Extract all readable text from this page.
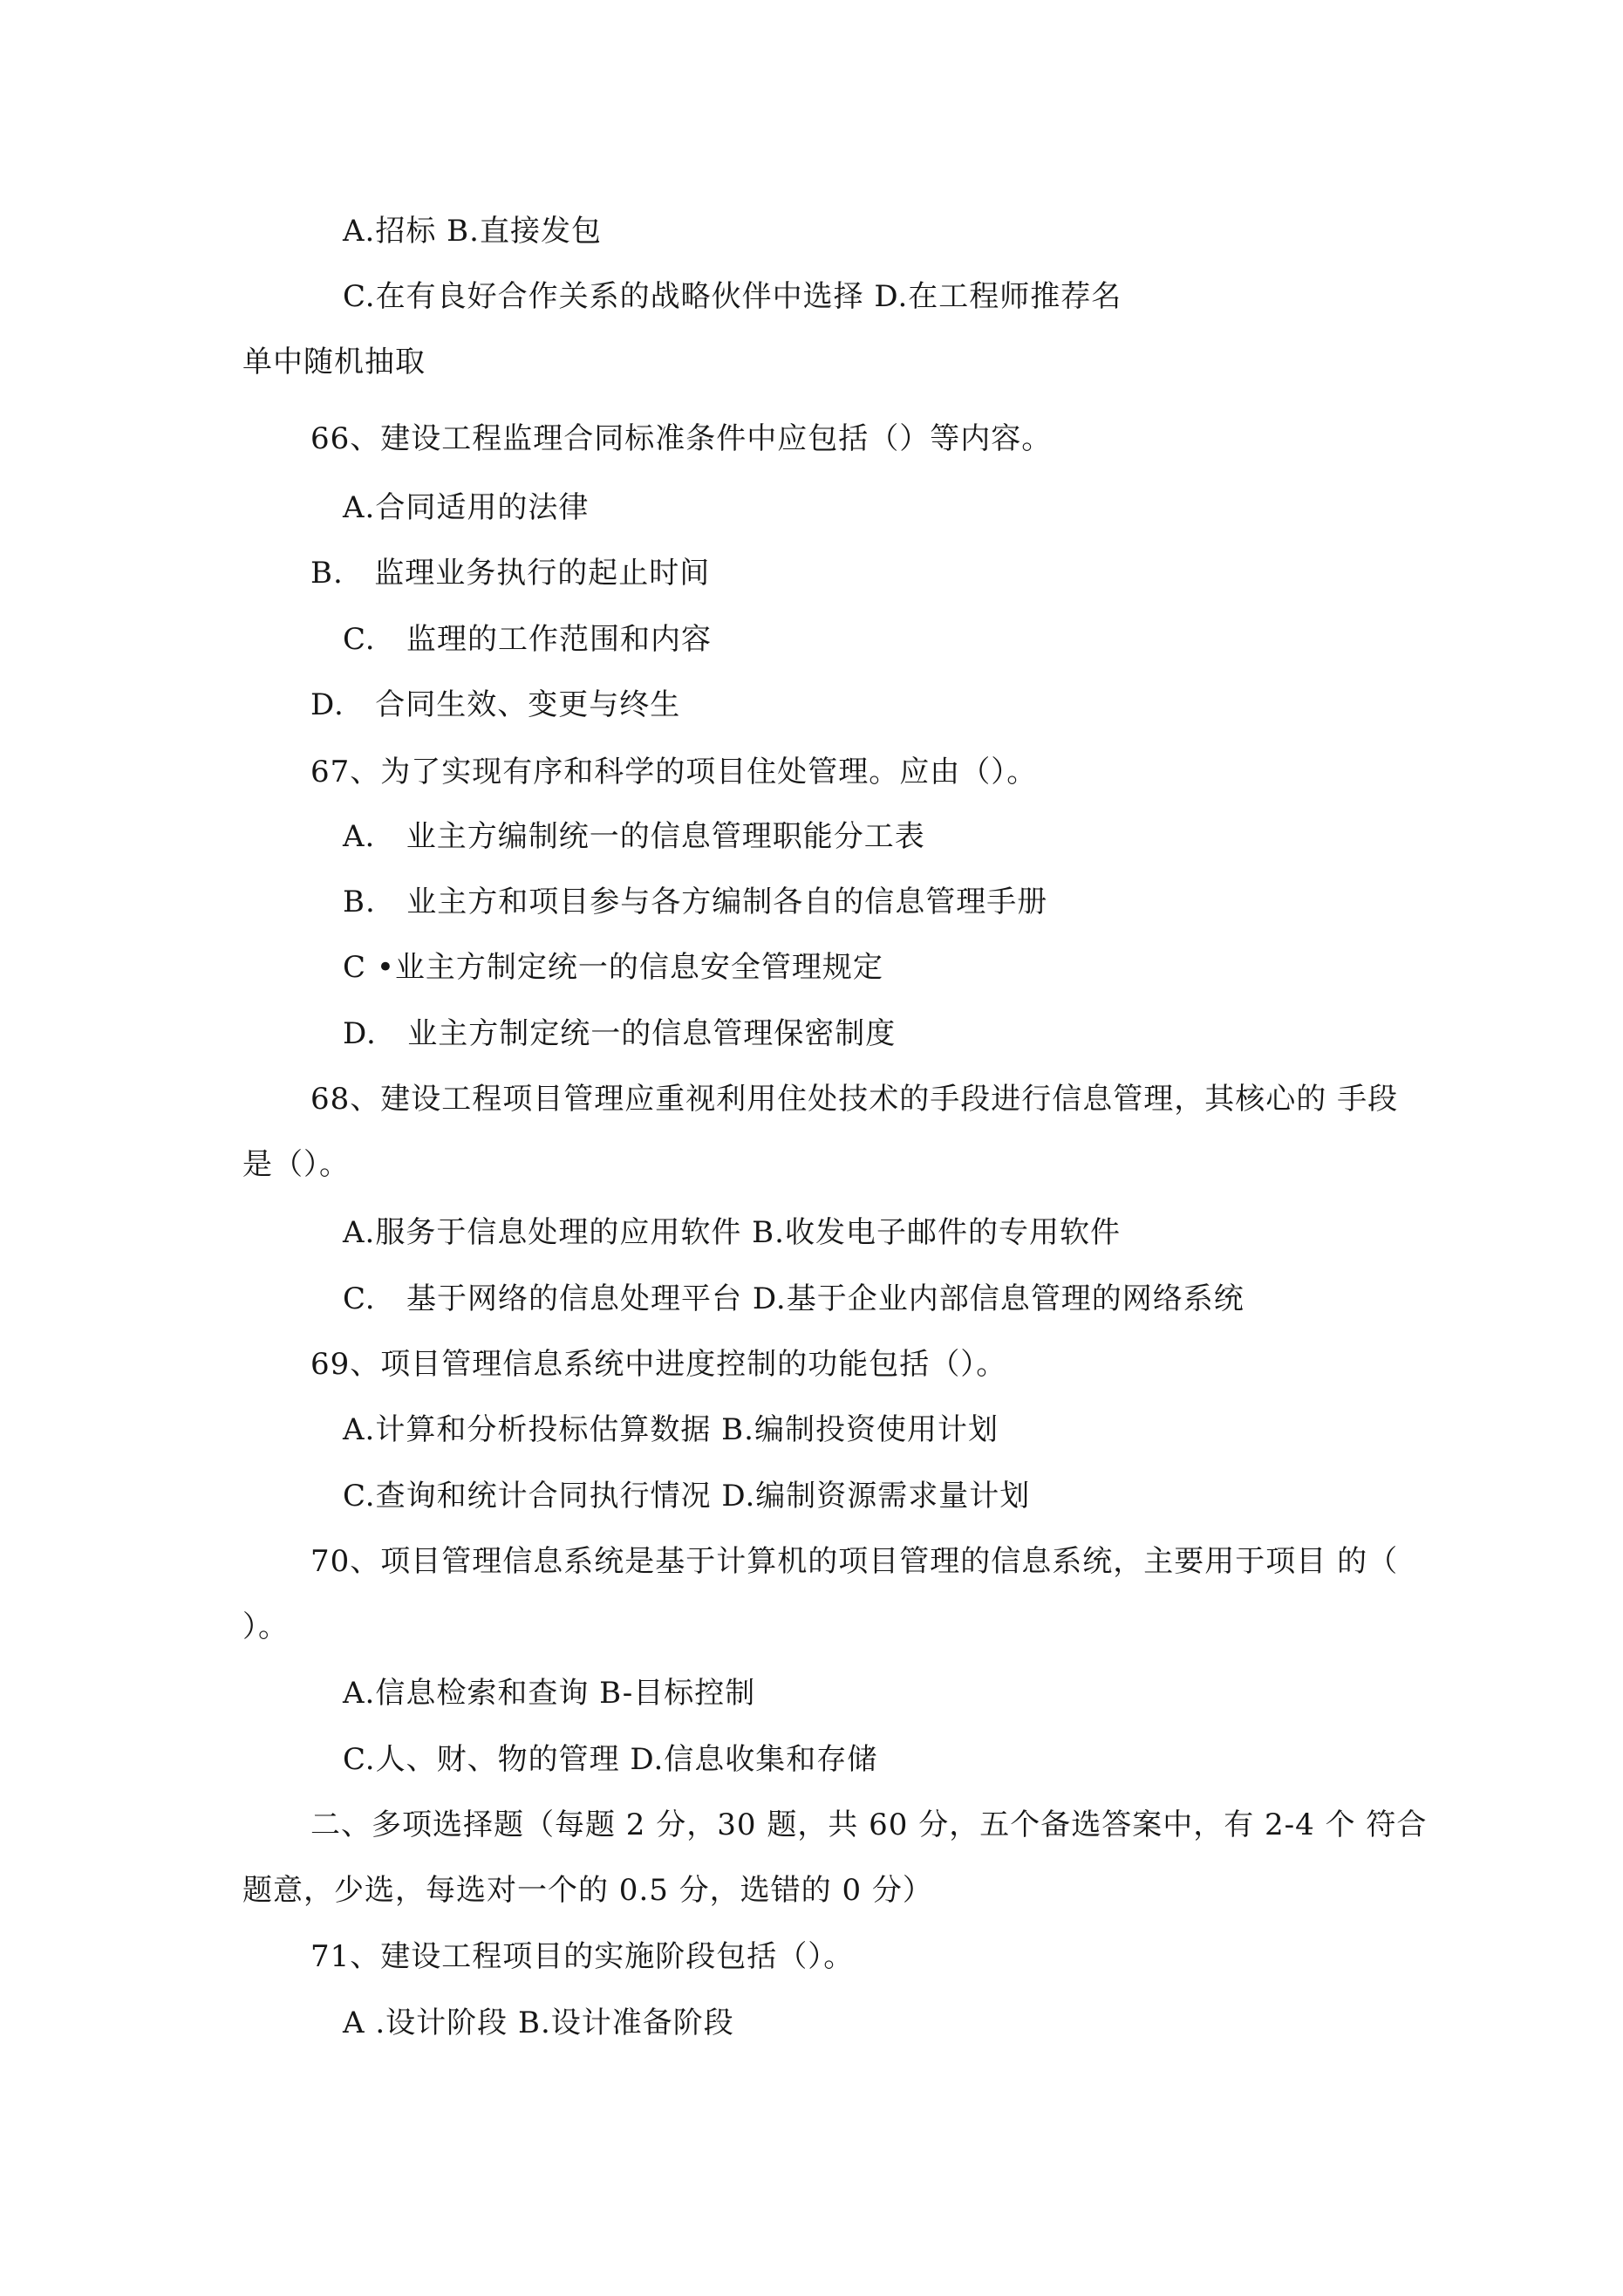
A.招标 B.直接发包
C.在有良好合作关系的战略伙伴中选择 D.在工程师推荐名
单中随机抽取
66、建设工程监理合同标准条件中应包括（）等内容。
A.合同适用的法律
B.   监理业务执行的起止时间
C.   监理的工作范围和内容
D.   合同生效、变更与终生
67、为了实现有序和科学的项目住处管理。应由（）。
A.   业主方编制统一的信息管理职能分工表
B.   业主方和项目参与各方编制各自的信息管理手册
C •业主方制定统一的信息安全管理规定
D.   业主方制定统一的信息管理保密制度
68、建设工程项目管理应重视利用住处技术的手段进行信息管理，其核心的 手段
是（）。
A.服务于信息处理的应用软件 B.收发电子邮件的专用软件
C.   基于网络的信息处理平台 D.基于企业内部信息管理的网络系统
69、项目管理信息系统中进度控制的功能包括（）。
A.计算和分析投标估算数据 B.编制投资使用计划
C.查询和统计合同执行情况 D.编制资源需求量计划
70、项目管理信息系统是基于计算机的项目管理的信息系统，主要用于项目 的（
）。
A.信息检索和查询 B-目标控制
C.人、财、物的管理 D.信息收集和存储
二、多项选择题（每题 2 分，30 题，共 60 分，五个备选答案中，有 2-4 个 符合
题意，少选，每选对一个的 0.5 分，选错的 0 分）
71、建设工程项目的实施阶段包括（）。
A .设计阶段 B.设计准备阶段
